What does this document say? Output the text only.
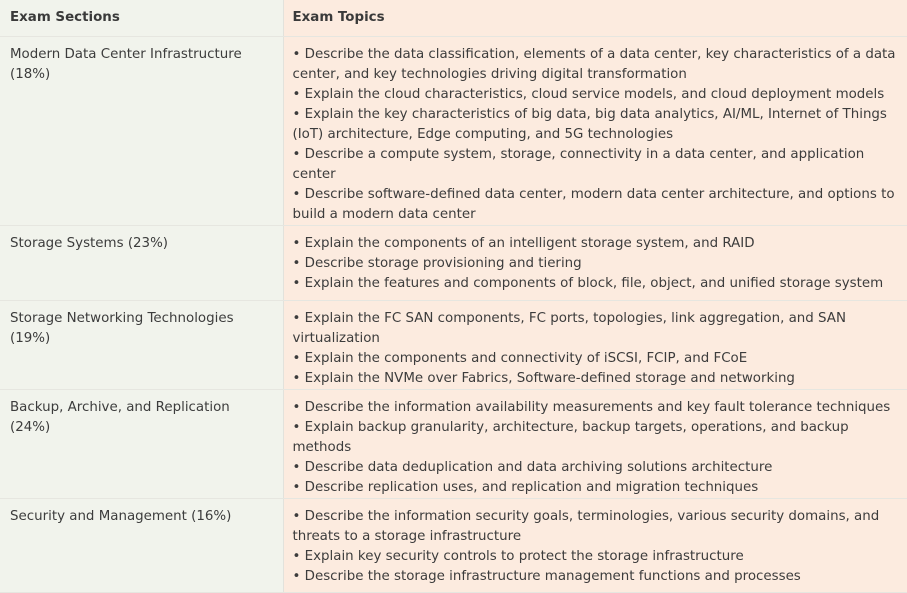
Exam Sections	Exam Topics

Modern Data Center Infrastructure (18%)	• Describe the data classification, elements of a data center, key characteristics of a data center, and key technologies driving digital transformation

• Explain the cloud characteristics, cloud service models, and cloud deployment models

• Explain the key characteristics of big data, big data analytics, AI/ML, Internet of Things (IoT) architecture, Edge computing, and 5G technologies

• Describe a compute system, storage, connectivity in a data center, and application center

• Describe software-defined data center, modern data center architecture, and options to build a modern data center

Storage Systems (23%)	• Explain the components of an intelligent storage system, and RAID

• Describe storage provisioning and tiering

• Explain the features and components of block, file, object, and unified storage system

Storage Networking Technologies (19%)	• Explain the FC SAN components, FC ports, topologies, link aggregation, and SAN virtualization

• Explain the components and connectivity of iSCSI, FCIP, and FCoE

• Explain the NVMe over Fabrics, Software-defined storage and networking

Backup, Archive, and Replication (24%)	• Describe the information availability measurements and key fault tolerance techniques

• Explain backup granularity, architecture, backup targets, operations, and backup methods

• Describe data deduplication and data archiving solutions architecture

• Describe replication uses, and replication and migration techniques

Security and Management (16%)	• Describe the information security goals, terminologies, various security domains, and threats to a storage infrastructure

• Explain key security controls to protect the storage infrastructure

• Describe the storage infrastructure management functions and processes
